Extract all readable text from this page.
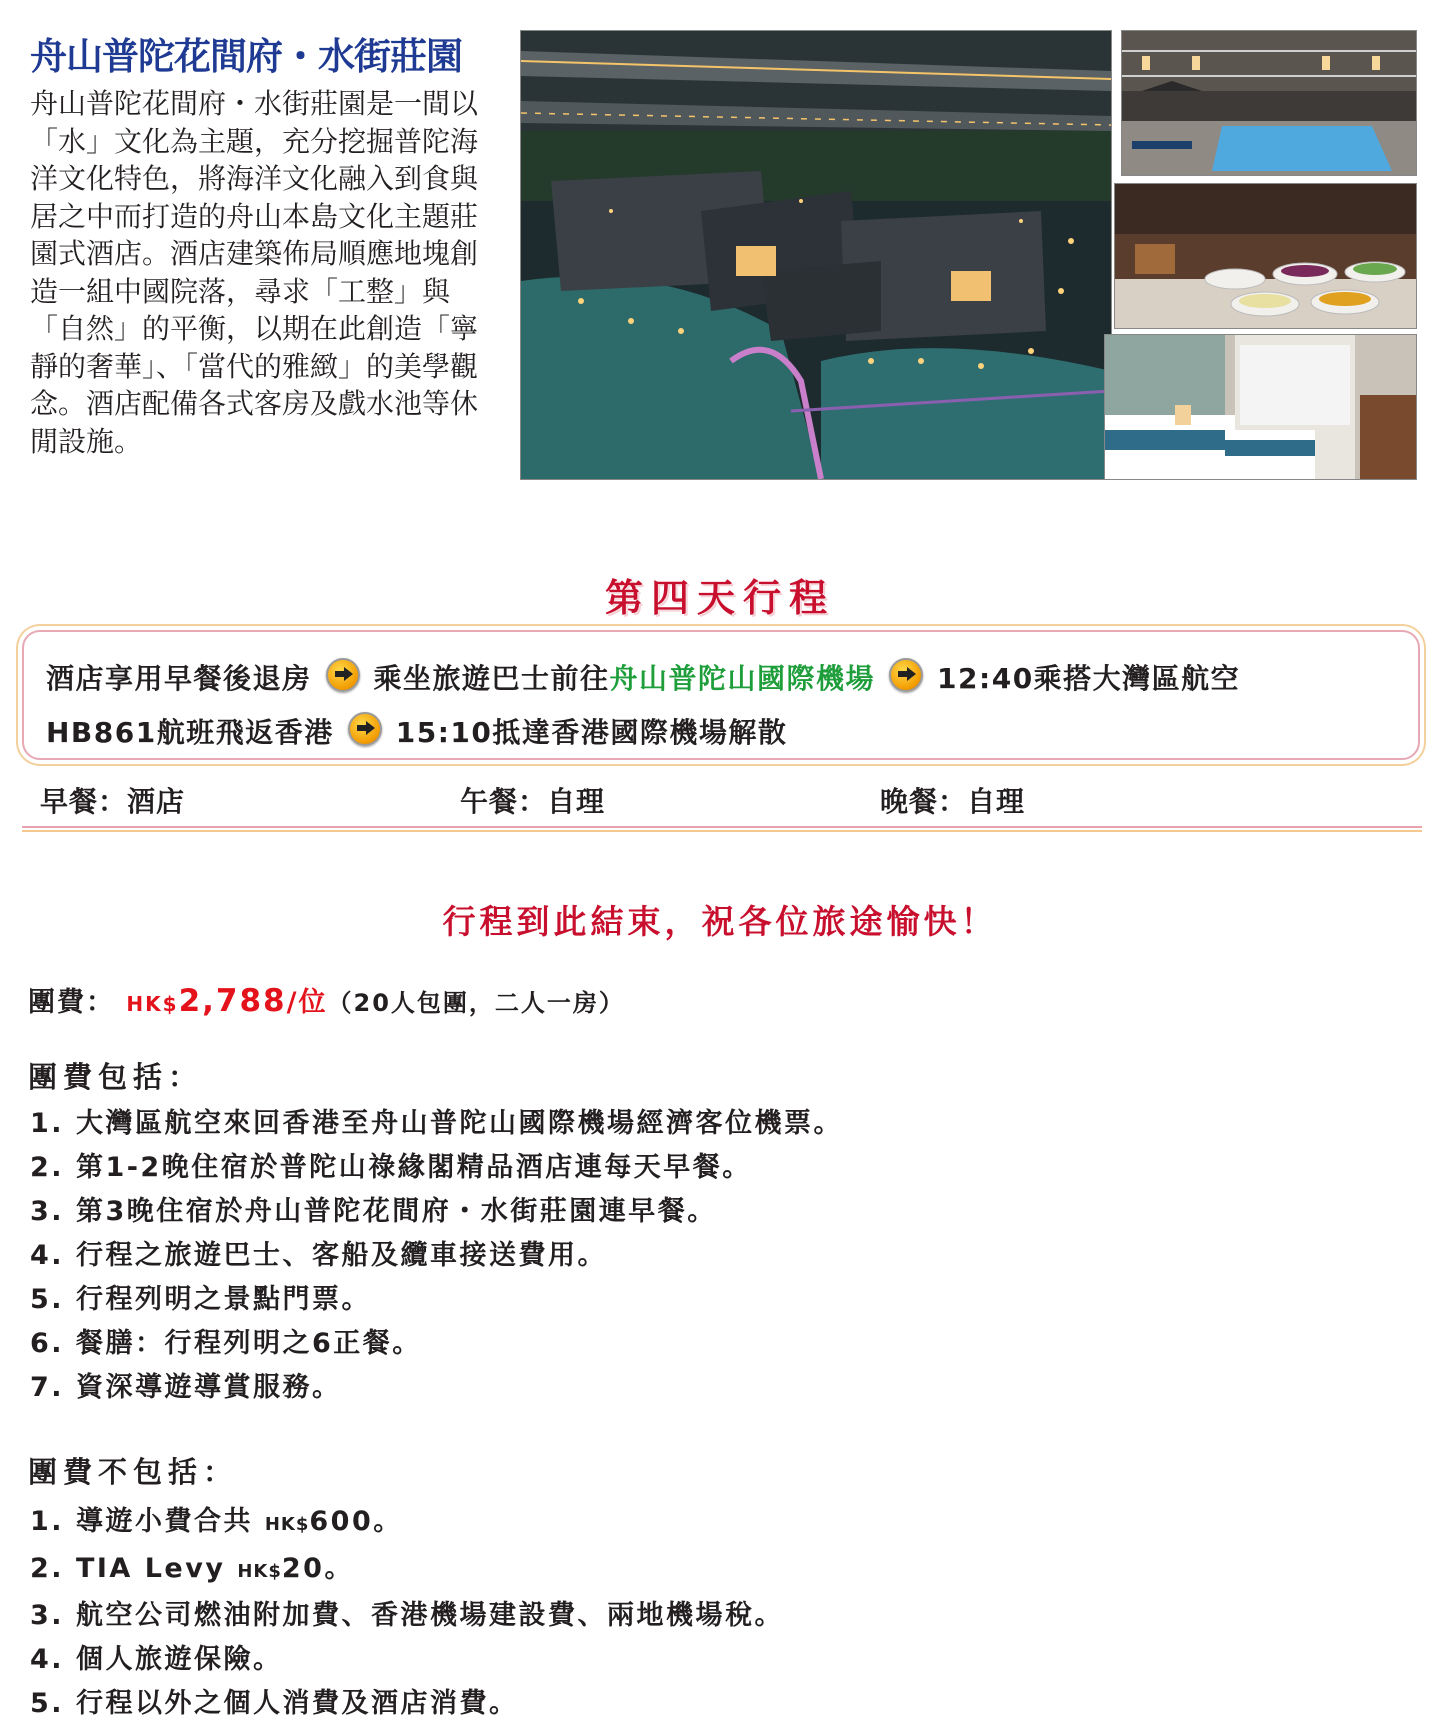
舟山普陀花間府・水街莊園
舟山普陀花間府・水街莊園是一間以「水」文化為主題，充分挖掘普陀海洋文化特色，將海洋文化融入到食與居之中而打造的舟山本島文化主題莊園式酒店。酒店建築佈局順應地塊創造一組中國院落，尋求「工整」與「自然」的平衡，以期在此創造「寧靜的奢華」、「當代的雅緻」的美學觀念。酒店配備各式客房及戲水池等休閒設施。
第四天行程
酒店享用早餐後退房 乘坐旅遊巴士前往舟山普陀山國際機場 12:40乘搭大灣區航空
HB861航班飛返香港 15:10抵達香港國際機場解散
早餐：酒店	午餐：自理	晚餐：自理
行程到此結束，祝各位旅途愉快！
團費： HK$2,788/位（20人包團，二人一房）
團費包括：
1. 大灣區航空來回香港至舟山普陀山國際機場經濟客位機票。
2. 第1-2晚住宿於普陀山祿緣閣精品酒店連每天早餐。
3. 第3晚住宿於舟山普陀花間府・水街莊園連早餐。
4. 行程之旅遊巴士、客船及纜車接送費用。
5. 行程列明之景點門票。
6. 餐膳：行程列明之6正餐。
7. 資深導遊導賞服務。
團費不包括：
1. 導遊小費合共 HK$600。
2. TIA Levy HK$20。
3. 航空公司燃油附加費、香港機場建設費、兩地機場稅。
4. 個人旅遊保險。
5. 行程以外之個人消費及酒店消費。
